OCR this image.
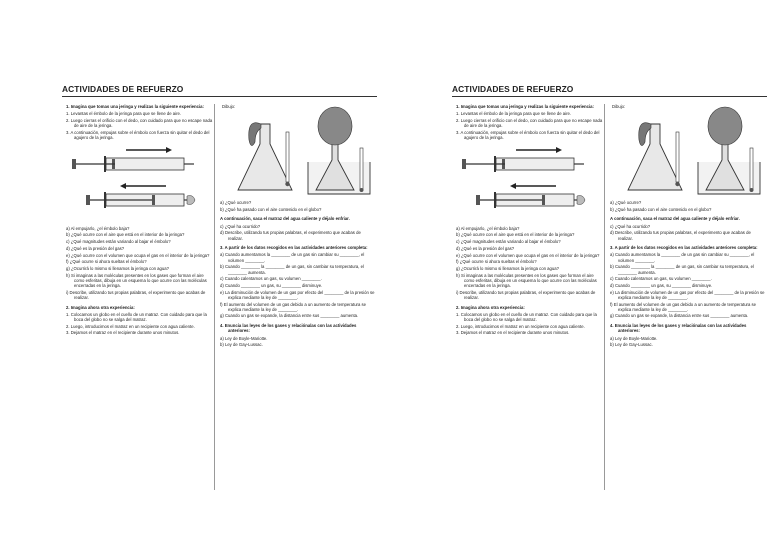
ACTIVIDADES DE REFUERZO
1. Imagina que tomas una jeringa y realizas la siguiente experiencia:
1. Levantas el émbolo de la jeringa para que se llene de aire.
2. Luego cierras el orificio con el dedo, con cuidado para que no escape nada de aire de la jeringa.
3. A continuación, empujas sobre el émbolo con fuerza sin quitar el dedo del agujero de la jeringa.
a) Al empujarlo, ¿el émbolo baja?
b) ¿Qué ocurre con el aire que está en el interior de la jeringa?
c) ¿Qué magnitudes están variando al bajar el émbolo?
d) ¿Qué es la presión del gas?
e) ¿Qué ocurre con el volumen que ocupa el gas en el interior de la jeringa?
f) ¿Qué ocurre si ahora sueltas el émbolo?
g) ¿Ocurrirá lo mismo si llenamos la jeringa con agua?
h) Si imaginas a las moléculas presentes en los gases que forman el aire como esferitas, dibuja en un esquema lo que ocurre con las moléculas encerradas en la jeringa.
i) Describe, utilizando tus propias palabras, el experimento que acabas de realizar.
2. Imagina ahora otra experiencia:
1. Colocamos un globo en el cuello de un matraz. Con cuidado para que la boca del globo no se salga del matraz.
2. Luego, introducimos el matraz en un recipiente con agua caliente.
3. Dejamos el matraz en el recipiente durante unos minutos.
Dibujo:
a) ¿Qué ocurre?
b) ¿Qué ha pasado con el aire contenido en el globo?
A continuación, saca el matraz del agua caliente y déjalo enfriar.
c) ¿Qué ha ocurrido?
d) Describe, utilizando tus propias palabras, el experimento que acabas de realizar.
3. A partir de los datos recogidos en las actividades anteriores completa:
a) Cuando aumentamos la ________ de un gas sin cambiar su ________, el volumen ________.
b) Cuando ________ la ________ de un gas, sin cambiar su temperatura, el ________ aumenta.
c) Cuando calentamos un gas, su volumen ________.
d) Cuando ________ un gas, su ________ disminuye.
e) La disminución de volumen de un gas por efecto del ________ de la presión se explica mediante la ley de ________.
f) El aumento del volumen de un gas debido a un aumento de temperatura se explica mediante la ley de ________.
g) Cuando un gas se expande, la distancia entre sus ________ aumenta.
4. Enuncia las leyes de los gases y relaciónalas con las actividades anteriores:
a) Ley de Boyle-Mariotte.
b) Ley de Gay-Lussac.
ACTIVIDADES DE REFUERZO
1. Imagina que tomas una jeringa y realizas la siguiente experiencia:
1. Levantas el émbolo de la jeringa para que se llene de aire.
2. Luego cierras el orificio con el dedo, con cuidado para que no escape nada de aire de la jeringa.
3. A continuación, empujas sobre el émbolo con fuerza sin quitar el dedo del agujero de la jeringa.
a) Al empujarlo, ¿el émbolo baja?
b) ¿Qué ocurre con el aire que está en el interior de la jeringa?
c) ¿Qué magnitudes están variando al bajar el émbolo?
d) ¿Qué es la presión del gas?
e) ¿Qué ocurre con el volumen que ocupa el gas en el interior de la jeringa?
f) ¿Qué ocurre si ahora sueltas el émbolo?
g) ¿Ocurrirá lo mismo si llenamos la jeringa con agua?
h) Si imaginas a las moléculas presentes en los gases que forman el aire como esferitas, dibuja en un esquema lo que ocurre con las moléculas encerradas en la jeringa.
i) Describe, utilizando tus propias palabras, el experimento que acabas de realizar.
2. Imagina ahora otra experiencia:
1. Colocamos un globo en el cuello de un matraz. Con cuidado para que la boca del globo no se salga del matraz.
2. Luego, introducimos el matraz en un recipiente con agua caliente.
3. Dejamos el matraz en el recipiente durante unos minutos.
Dibujo:
a) ¿Qué ocurre?
b) ¿Qué ha pasado con el aire contenido en el globo?
A continuación, saca el matraz del agua caliente y déjalo enfriar.
c) ¿Qué ha ocurrido?
d) Describe, utilizando tus propias palabras, el experimento que acabas de realizar.
3. A partir de los datos recogidos en las actividades anteriores completa:
a) Cuando aumentamos la ________ de un gas sin cambiar su ________, el volumen ________.
b) Cuando ________ la ________ de un gas, sin cambiar su temperatura, el ________ aumenta.
c) Cuando calentamos un gas, su volumen ________.
d) Cuando ________ un gas, su ________ disminuye.
e) La disminución de volumen de un gas por efecto del ________ de la presión se explica mediante la ley de ________.
f) El aumento del volumen de un gas debido a un aumento de temperatura se explica mediante la ley de ________.
g) Cuando un gas se expande, la distancia entre sus ________ aumenta.
4. Enuncia las leyes de los gases y relaciónalas con las actividades anteriores:
a) Ley de Boyle-Mariotte.
b) Ley de Gay-Lussac.
